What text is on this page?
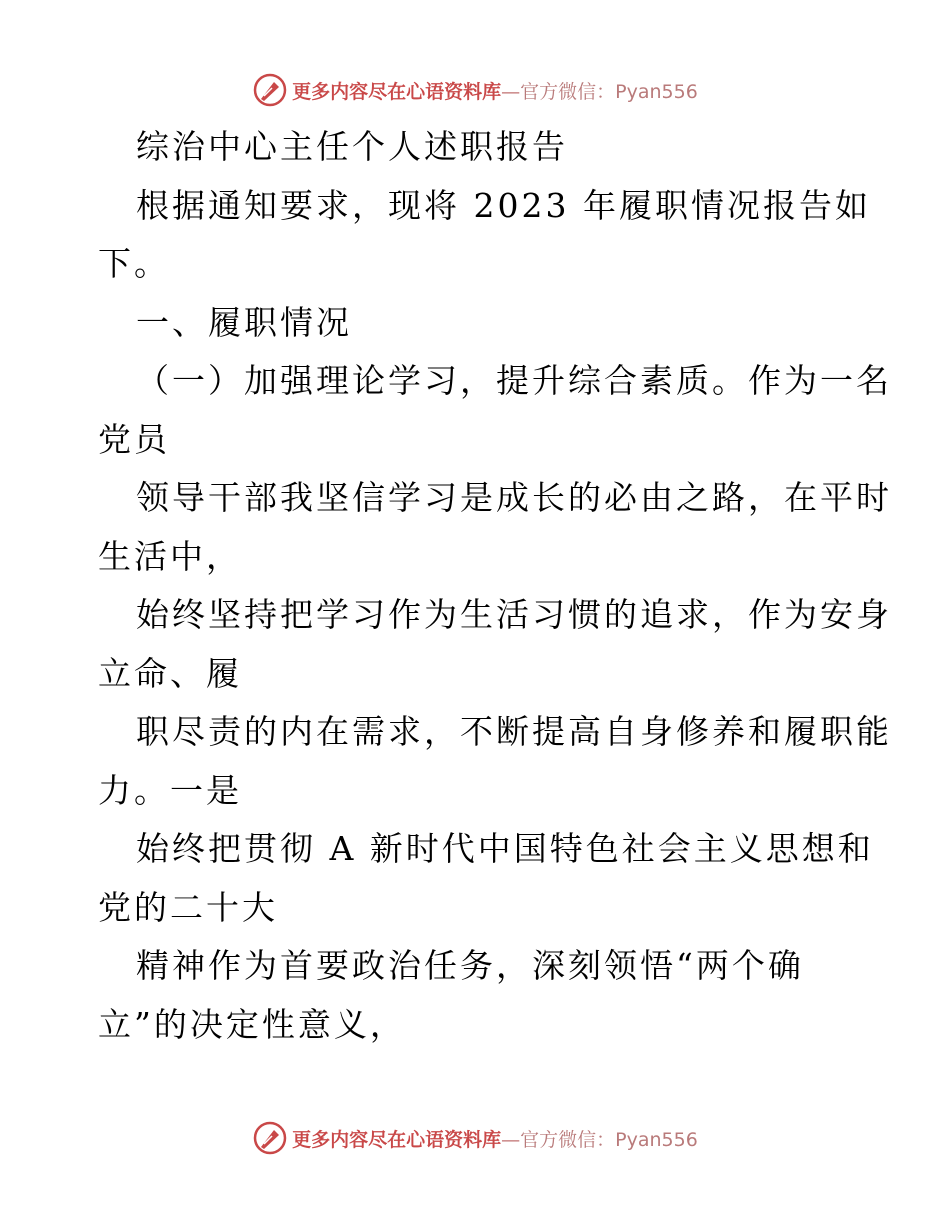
更多内容尽在心语资料库—官方微信：Pyan556
综治中心主任个人述职报告
根据通知要求，现将 2023 年履职情况报告如
下。
一、履职情况
（一）加强理论学习，提升综合素质。作为一名
党员
领导干部我坚信学习是成长的必由之路，在平时
生活中，
始终坚持把学习作为生活习惯的追求，作为安身
立命、履
职尽责的内在需求，不断提高自身修养和履职能
力。一是
始终把贯彻 A 新时代中国特色社会主义思想和
党的二十大
精神作为首要政治任务，深刻领悟“两个确
立”的决定性意义，
更多内容尽在心语资料库—官方微信：Pyan556
